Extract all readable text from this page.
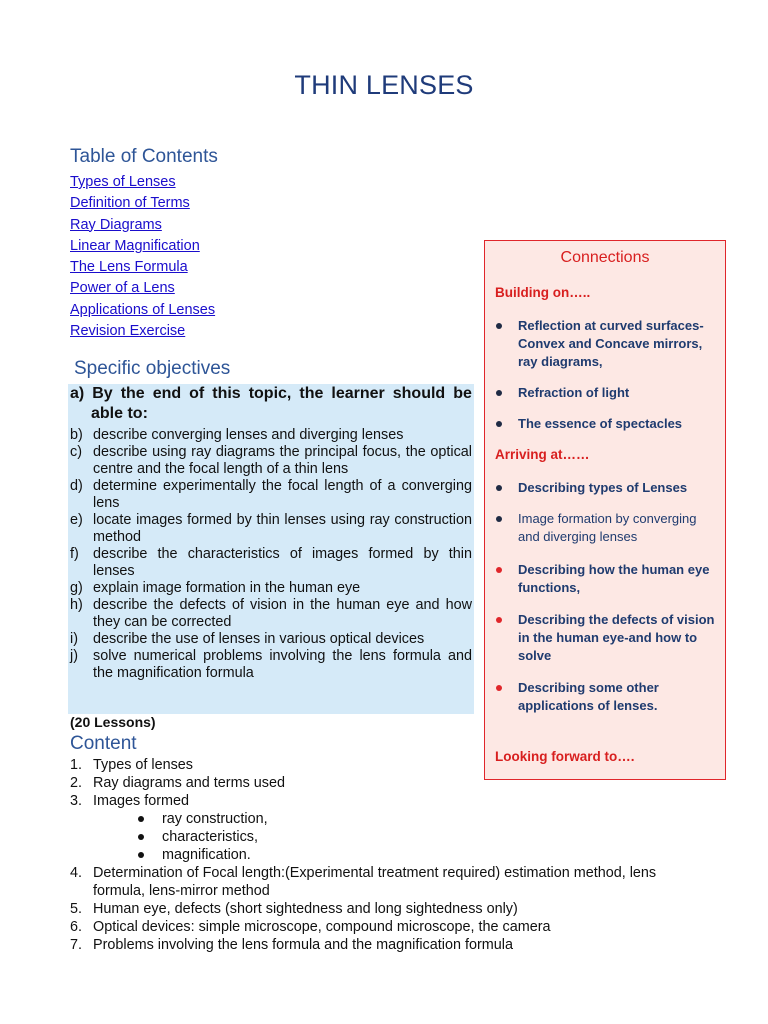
THIN LENSES
Table of Contents
Types of Lenses
Definition of Terms
Ray Diagrams
Linear Magnification
The Lens Formula
Power of a Lens
Applications of Lenses
Revision Exercise
Specific objectives
a) By the end of this topic, the learner should be
able to:
b) describe converging lenses and diverging lenses
c) describe using ray diagrams the principal focus, the optical centre and the focal length of a thin lens
d) determine experimentally the focal length of a converging lens
e) locate images formed by thin lenses using ray construction method
f) describe the characteristics of images formed by thin lenses
g) explain image formation in the human eye
h) describe the defects of vision in the human eye and how they can be corrected
i) describe the use of lenses in various optical devices
j) solve numerical problems involving the lens formula and the magnification formula
(20 Lessons)
Content
1. Types of lenses
2. Ray diagrams and terms used
3. Images formed
ray construction,
characteristics,
magnification.
4. Determination of Focal length:(Experimental treatment required) estimation method, lens formula, lens-mirror method
5. Human eye, defects (short sightedness and long sightedness only)
6. Optical devices: simple microscope, compound microscope, the camera
7. Problems involving the lens formula and the magnification formula
Connections
Building on…..
Reflection at curved surfaces- Convex and Concave mirrors, ray diagrams,
Refraction of light
The essence of spectacles
Arriving at……
Describing types of Lenses
Image formation by converging and diverging lenses
Describing how the human eye functions,
Describing the defects of vision in the human eye-and how to solve
Describing some other applications of lenses.
Looking forward to….
